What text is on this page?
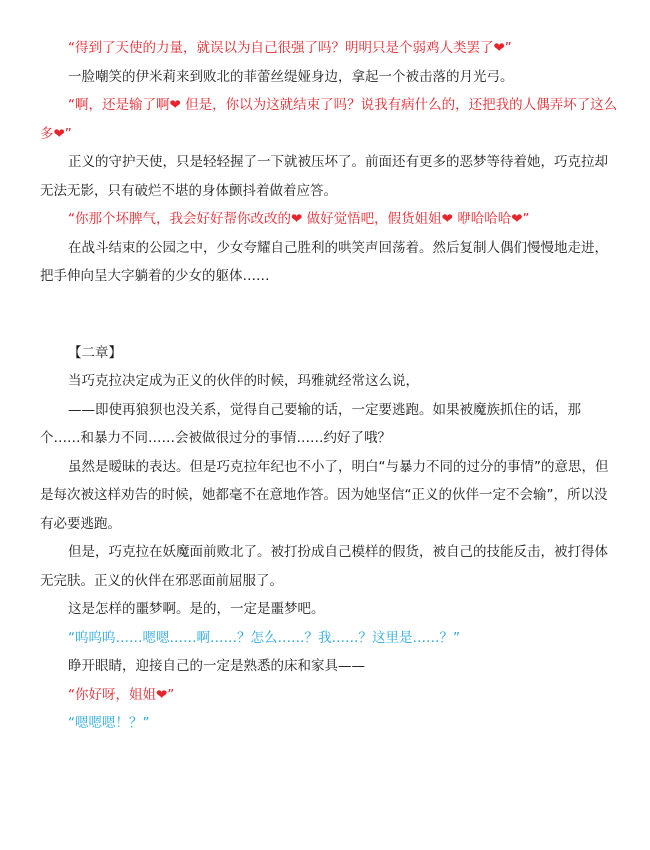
“得到了天使的力量，就误以为自己很强了吗？明明只是个弱鸡人类罢了❤”

一脸嘲笑的伊米莉来到败北的菲蕾丝缇娅身边，拿起一个被击落的月光弓。

“啊，还是输了啊❤ 但是，你以为这就结束了吗？说我有病什么的，还把我的人偶弄坏了这么多❤”

正义的守护天使，只是轻轻握了一下就被压坏了。前面还有更多的恶梦等待着她，巧克拉却无法无影，只有破烂不堪的身体颤抖着做着应答。

“你那个坏脾气，我会好好帮你改改的❤ 做好觉悟吧，假货姐姐❤ 咿哈哈哈❤”

在战斗结束的公园之中，少女夸耀自己胜利的哄笑声回荡着。然后复制人偶们慢慢地走进，把手伸向呈大字躺着的少女的躯体……

【二章】

当巧克拉决定成为正义的伙伴的时候，玛雅就经常这么说，

——即使再狼狈也没关系，觉得自己要输的话，一定要逃跑。如果被魔族抓住的话，那个……和暴力不同……会被做很过分的事情……约好了哦？

虽然是暧昧的表达。但是巧克拉年纪也不小了，明白“与暴力不同的过分的事情”的意思，但是每次被这样劝告的时候，她都毫不在意地作答。因为她坚信“正义的伙伴一定不会输”，所以没有必要逃跑。

但是，巧克拉在妖魔面前败北了。被打扮成自己模样的假货，被自己的技能反击，被打得体无完肤。正义的伙伴在邪恶面前屈服了。

这是怎样的噩梦啊。是的，一定是噩梦吧。

“呜呜呜……嗯嗯……啊……？怎么……？我……？这里是……？”

睁开眼睛，迎接自己的一定是熟悉的床和家具——

“你好呀，姐姐❤”

“嗯嗯嗯！？”
